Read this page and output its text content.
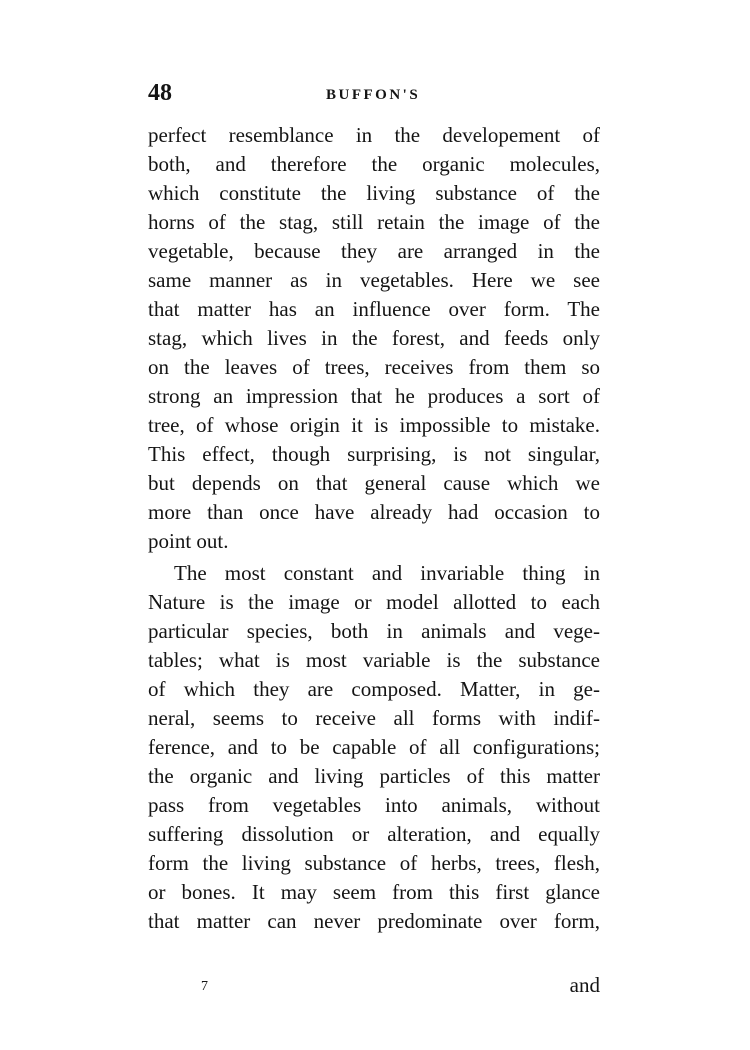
48	BUFFON'S
perfect resemblance in the developement of
both, and therefore the organic molecules,
which constitute the living substance of the
horns of the stag, still retain the image of the
vegetable, because they are arranged in the
same manner as in vegetables. Here we see
that matter has an influence over form. The
stag, which lives in the forest, and feeds only
on the leaves of trees, receives from them so
strong an impression that he produces a sort of
tree, of whose origin it is impossible to mistake.
This effect, though surprising, is not singular,
but depends on that general cause which we
more than once have already had occasion to
point out.
The most constant and invariable thing in
Nature is the image or model allotted to each
particular species, both in animals and vege-
tables; what is most variable is the substance
of which they are composed. Matter, in ge-
neral, seems to receive all forms with indif-
ference, and to be capable of all configurations;
the organic and living particles of this matter
pass from vegetables into animals, without
suffering dissolution or alteration, and equally
form the living substance of herbs, trees, flesh,
or bones. It may seem from this first glance
that matter can never predominate over form,
7	and
